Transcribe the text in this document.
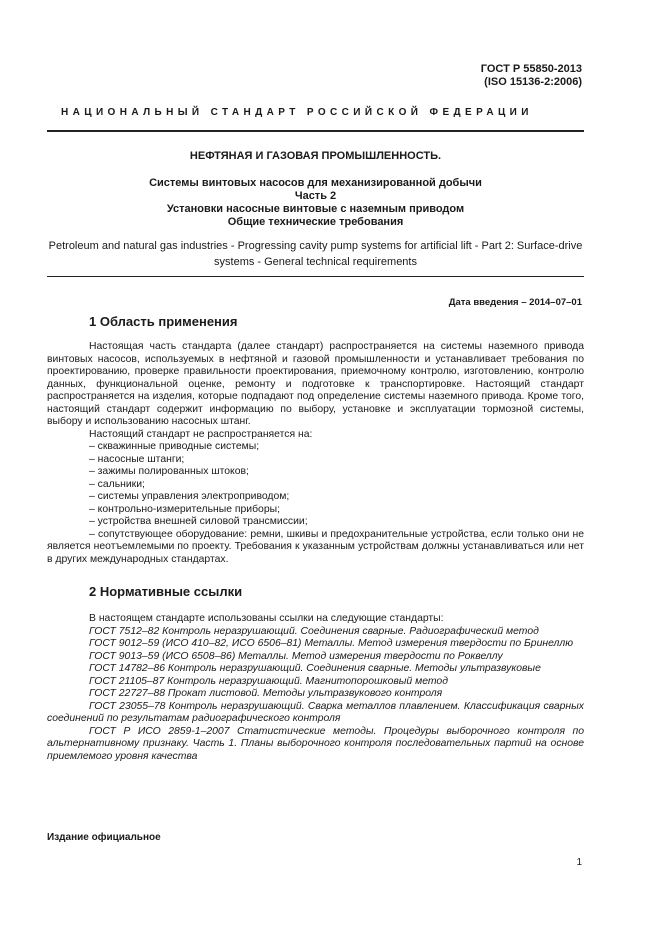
ГОСТ Р 55850-2013
(ISO 15136-2:2006)
НАЦИОНАЛЬНЫЙ СТАНДАРТ РОССИЙСКОЙ ФЕДЕРАЦИИ
НЕФТЯНАЯ И ГАЗОВАЯ ПРОМЫШЛЕННОСТЬ.
Системы винтовых насосов для механизированной добычи
Часть 2
Установки насосные винтовые с наземным приводом
Общие технические требования
Petroleum and natural gas industries - Progressing cavity pump systems for artificial lift - Part 2: Surface-drive systems - General technical requirements
Дата введения – 2014–07–01
1 Область применения

Настоящая часть стандарта (далее стандарт) распространяется на системы наземного привода винтовых насосов, используемых в нефтяной и газовой промышленности и устанавливает требования по проектированию, проверке правильности проектирования, приемочному контролю, изготовлению, контролю данных, функциональной оценке, ремонту и подготовке к транспортировке. Настоящий стандарт распространяется на изделия, которые подпадают под определение системы наземного привода. Кроме того, настоящий стандарт содержит информацию по выбору, установке и эксплуатации тормозной системы, выбору и использованию насосных штанг.

Настоящий стандарт не распространяется на:

– скважинные приводные системы;

– насосные штанги;

– зажимы полированных штоков;

– сальники;

– системы управления электроприводом;

– контрольно-измерительные приборы;

– устройства внешней силовой трансмиссии;

– сопутствующее оборудование: ремни, шкивы и предохранительные устройства, если только они не является неотъемлемыми по проекту. Требования к указанным устройствам должны устанавливаться или нет в других международных стандартах.

2 Нормативные ссылки

В настоящем стандарте использованы ссылки на следующие стандарты:

ГОСТ 7512–82 Контроль неразрушающий. Соединения сварные. Радиографический метод

ГОСТ 9012–59 (ИСО 410–82, ИСО 6506–81) Металлы. Метод измерения твердости по Бринеллю

ГОСТ 9013–59 (ИСО 6508–86) Металлы. Метод измерения твердости по Роквеллу

ГОСТ 14782–86 Контроль неразрушающий. Соединения сварные. Методы ультразвуковые

ГОСТ 21105–87 Контроль неразрушающий. Магнитопорошковый метод

ГОСТ 22727–88 Прокат листовой. Методы ультразвукового контроля

ГОСТ 23055–78 Контроль неразрушающий. Сварка металлов плавлением. Классификация сварных соединений по результатам радиографического контроля

ГОСТ Р ИСО 2859-1–2007 Статистические методы. Процедуры выборочного контроля по альтернативному признаку. Часть 1. Планы выборочного контроля последовательных партий на основе приемлемого уровня качества

Издание официальное
1
